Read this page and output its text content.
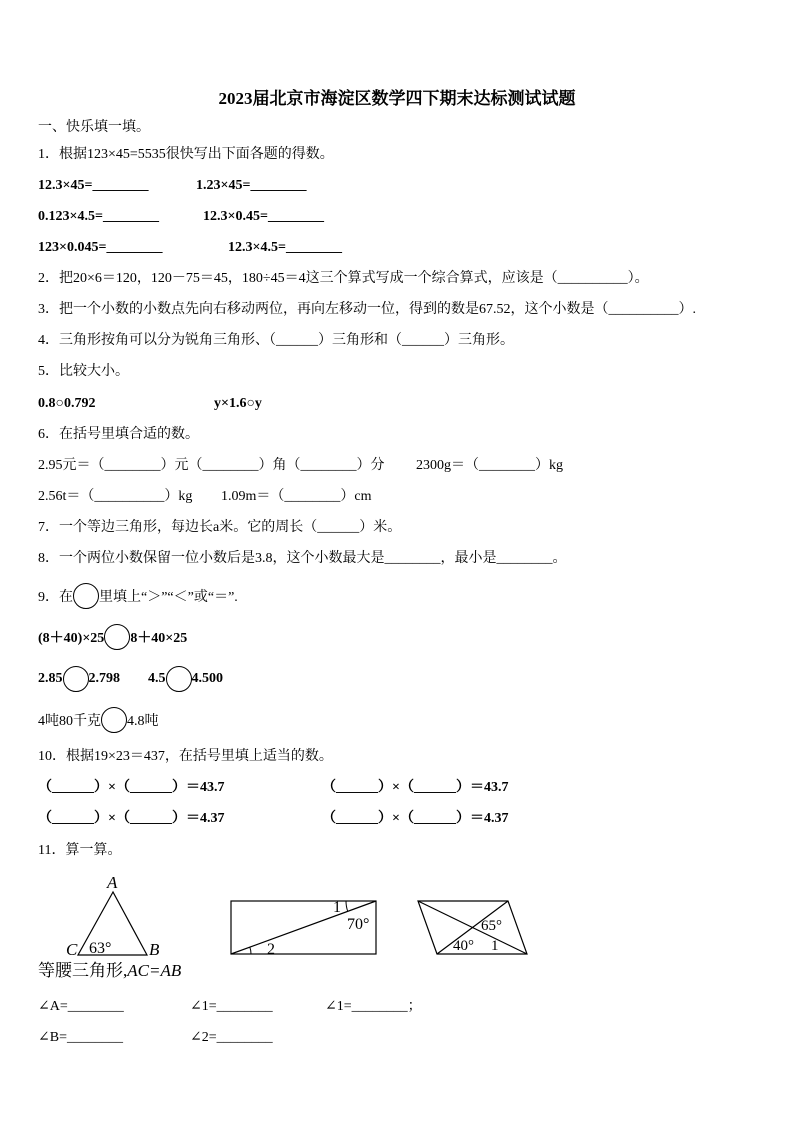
2023届北京市海淀区数学四下期末达标测试试题
一、快乐填一填。
1．根据123×45=5535很快写出下面各题的得数。
12.3×45=________	1.23×45=________
0.123×4.5=________	12.3×0.45=________
123×0.045=________	12.3×4.5=________
2．把20×6＝120，120－75＝45，180÷45＝4这三个算式写成一个综合算式，应该是（__________）。
3．把一个小数的小数点先向右移动两位，再向左移动一位，得到的数是67.52，这个小数是（__________）.
4．三角形按角可以分为锐角三角形、（______）三角形和（______）三角形。
5．比较大小。
0.8○0.792	y×1.6○y
6．在括号里填合适的数。
2.95元＝（________）元（________）角（________）分 2300g＝（________）kg
2.56t＝（__________）kg 1.09m＝（________）cm
7．一个等边三角形，每边长a米。它的周长（______）米。
8．一个两位小数保留一位小数后是3.8，这个小数最大是________，最小是________。
9．在 里填上“＞”“＜”或“＝”.
(8＋40)×25 8＋40×25
2.85 2.798 4.5 4.500
4吨80千克 4.8吨
10．根据19×23＝437，在括号里填上适当的数。
（______）×（______）＝43.7	（______）×（______）＝43.7
（______）×（______）＝4.37	（______）×（______）＝4.37
11．算一算。
A
C	B
63°
1
70°
2
65°
40° 1
等腰三角形,AC=AB
∠A=________	∠1=________	∠1=________；
∠B=________	∠2=________
